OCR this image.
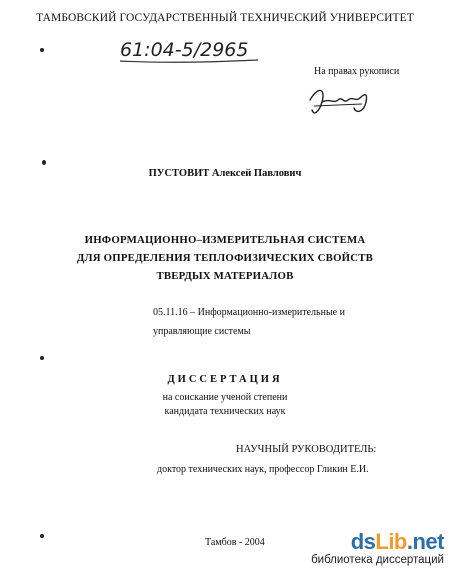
ТАМБОВСКИЙ ГОСУДАРСТВЕННЫЙ ТЕХНИЧЕСКИЙ УНИВЕРСИТЕТ
61:04-5/2965
На правах рукописи
ПУСТОВИТ Алексей Павлович
ИНФОРМАЦИОННО–ИЗМЕРИТЕЛЬНАЯ СИСТЕМА
ДЛЯ ОПРЕДЕЛЕНИЯ ТЕПЛОФИЗИЧЕСКИХ СВОЙСТВ
ТВЕРДЫХ МАТЕРИАЛОВ
05.11.16 – Информационно-измерительные и
управляющие системы
ДИССЕРТАЦИЯ
на соискание ученой степени
кандидата технических наук
НАУЧНЫЙ РУКОВОДИТЕЛЬ:
доктор технических наук, профессор Гликин Е.И.
Тамбов - 2004	dsLib.net
библиотека диссертаций
